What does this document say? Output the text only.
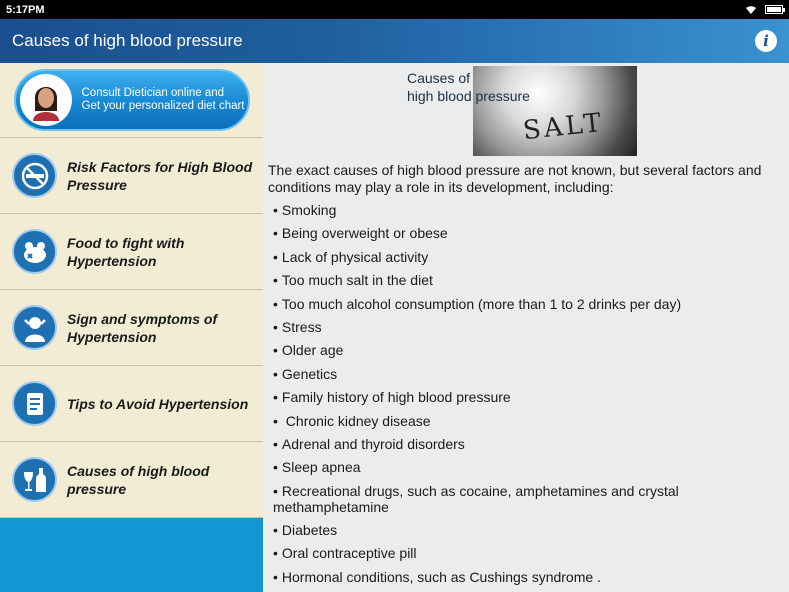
5:17PM
Causes of high blood pressure	i
Consult Dietician online and
Get your personalized diet chart
Risk Factors for High Blood
Pressure
Food to fight with
Hypertension
Sign and symptoms of
Hypertension
Tips to Avoid Hypertension
Causes of high blood
pressure
Causes of
high blood pressure
SALT

The exact causes of high blood pressure are not known, but several factors and conditions may play a role in its development, including:

• Smoking
• Being overweight or obese
• Lack of physical activity
• Too much salt in the diet
• Too much alcohol consumption (more than 1 to 2 drinks per day)
• Stress
• Older age
• Genetics
• Family history of high blood pressure
• Chronic kidney disease
• Adrenal and thyroid disorders
• Sleep apnea
• Recreational drugs, such as cocaine, amphetamines and crystal methamphetamine
• Diabetes
• Oral contraceptive pill
• Hormonal conditions, such as Cushings syndrome .
